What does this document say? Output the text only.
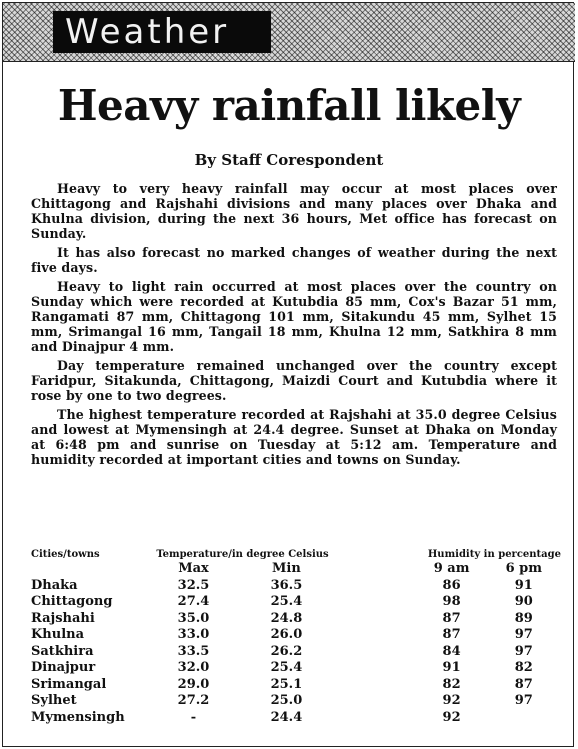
Weather
Heavy rainfall likely
By Staff Corespondent

Heavy to very heavy rainfall may occur at most places over Chittagong and Rajshahi divisions and many places over Dhaka and Khulna division, during the next 36 hours, Met office has forecast on Sunday.

It has also forecast no marked changes of weather during the next five days.

Heavy to light rain occurred at most places over the country on Sunday which were recorded at Kutubdia 85 mm, Cox's Bazar 51 mm, Rangamati 87 mm, Chittagong 101 mm, Sitakundu 45 mm, Sylhet 15 mm, Srimangal 16 mm, Tangail 18 mm, Khulna 12 mm, Satkhira 8 mm and Dinajpur 4 mm.

Day temperature remained unchanged over the country except Faridpur, Sitakunda, Chittagong, Maizdi Court and Kutubdia where it rose by one to two degrees.

The highest temperature recorded at Rajshahi at 35.0 degree Celsius and lowest at Mymensingh at 24.4 degree. Sunset at Dhaka on Monday at 6:48 pm and sunrise on Tuesday at 5:12 am. Temperature and humidity recorded at important cities and towns on Sunday.

Cities/towns	Temperature/in degree Celsius			Humidity in percentage	
	Max	Min		9 am	6 pm
Dhaka	32.5	36.5		86	91
Chittagong	27.4	25.4		98	90
Rajshahi	35.0	24.8		87	89
Khulna	33.0	26.0		87	97
Satkhira	33.5	26.2		84	97
Dinajpur	32.0	25.4		91	82
Srimangal	29.0	25.1		82	87
Sylhet	27.2	25.0		92	97
Mymensingh	-	24.4		92	
